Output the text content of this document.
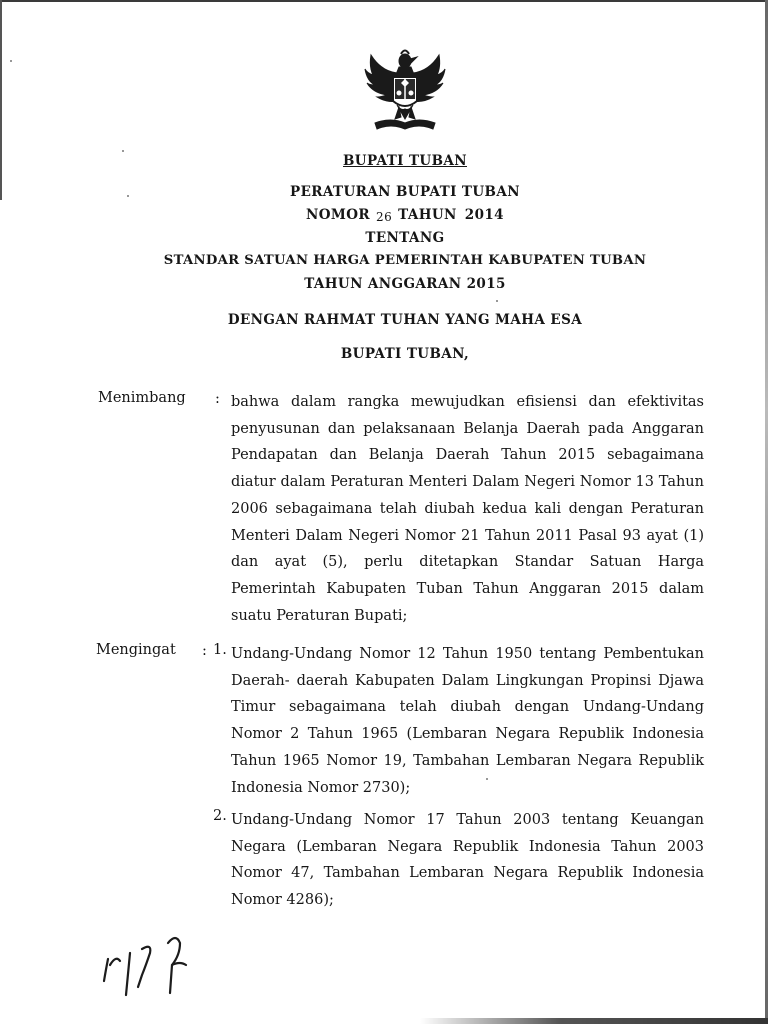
BUPATI TUBAN
PERATURAN BUPATI TUBAN
NOMOR 26 TAHUN 2014
TENTANG
STANDAR SATUAN HARGA PEMERINTAH KABUPATEN TUBAN
TAHUN ANGGARAN 2015
DENGAN RAHMAT TUHAN YANG MAHA ESA
BUPATI TUBAN,
Menimbang : bahwa dalam rangka mewujudkan efisiensi dan efektivitas penyusunan dan pelaksanaan Belanja Daerah pada Anggaran Pendapatan dan Belanja Daerah Tahun 2015 sebagaimana diatur dalam Peraturan Menteri Dalam Negeri Nomor 13 Tahun 2006 sebagaimana telah diubah kedua kali dengan Peraturan Menteri Dalam Negeri Nomor 21 Tahun 2011 Pasal 93 ayat (1) dan ayat (5), perlu ditetapkan Standar Satuan Harga Pemerintah Kabupaten Tuban Tahun Anggaran 2015 dalam suatu Peraturan Bupati;
Mengingat : 1. Undang-Undang Nomor 12 Tahun 1950 tentang Pembentukan Daerah- daerah Kabupaten Dalam Lingkungan Propinsi Djawa Timur sebagaimana telah diubah dengan Undang-Undang Nomor 2 Tahun 1965 (Lembaran Negara Republik Indonesia Tahun 1965 Nomor 19, Tambahan Lembaran Negara Republik Indonesia Nomor 2730);
2. Undang-Undang Nomor 17 Tahun 2003 tentang Keuangan Negara (Lembaran Negara Republik Indonesia Tahun 2003 Nomor 47, Tambahan Lembaran Negara Republik Indonesia Nomor 4286);
